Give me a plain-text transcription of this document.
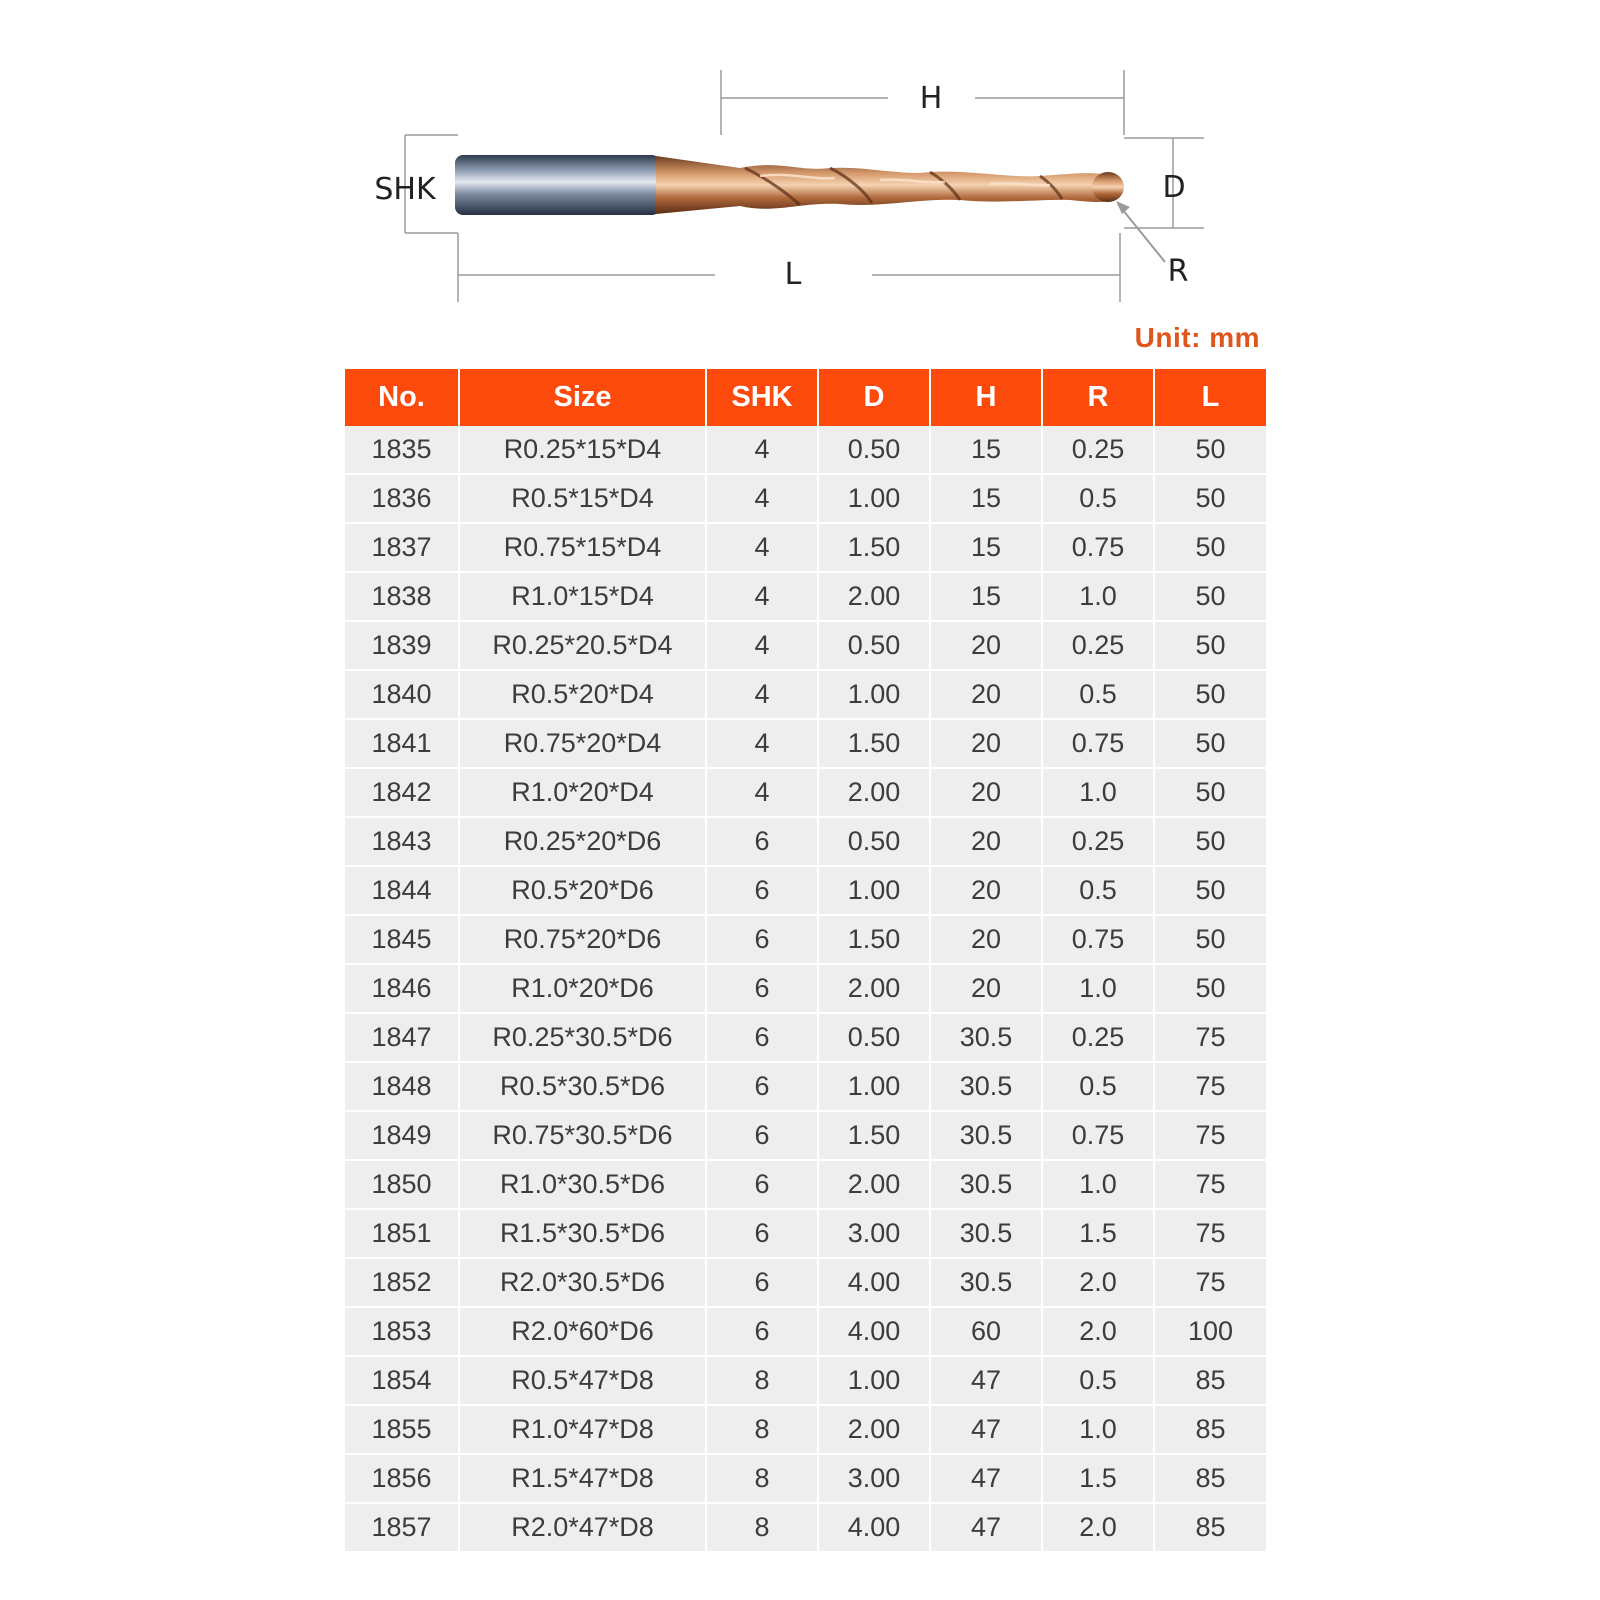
H
SHK	D
L	R
Unit: mm
No.	Size	SHK	D	H	R	L
1835	R0.25*15*D4	4	0.50	15	0.25	50
1836	R0.5*15*D4	4	1.00	15	0.5	50
1837	R0.75*15*D4	4	1.50	15	0.75	50
1838	R1.0*15*D4	4	2.00	15	1.0	50
1839	R0.25*20.5*D4	4	0.50	20	0.25	50
1840	R0.5*20*D4	4	1.00	20	0.5	50
1841	R0.75*20*D4	4	1.50	20	0.75	50
1842	R1.0*20*D4	4	2.00	20	1.0	50
1843	R0.25*20*D6	6	0.50	20	0.25	50
1844	R0.5*20*D6	6	1.00	20	0.5	50
1845	R0.75*20*D6	6	1.50	20	0.75	50
1846	R1.0*20*D6	6	2.00	20	1.0	50
1847	R0.25*30.5*D6	6	0.50	30.5	0.25	75
1848	R0.5*30.5*D6	6	1.00	30.5	0.5	75
1849	R0.75*30.5*D6	6	1.50	30.5	0.75	75
1850	R1.0*30.5*D6	6	2.00	30.5	1.0	75
1851	R1.5*30.5*D6	6	3.00	30.5	1.5	75
1852	R2.0*30.5*D6	6	4.00	30.5	2.0	75
1853	R2.0*60*D6	6	4.00	60	2.0	100
1854	R0.5*47*D8	8	1.00	47	0.5	85
1855	R1.0*47*D8	8	2.00	47	1.0	85
1856	R1.5*47*D8	8	3.00	47	1.5	85
1857	R2.0*47*D8	8	4.00	47	2.0	85
